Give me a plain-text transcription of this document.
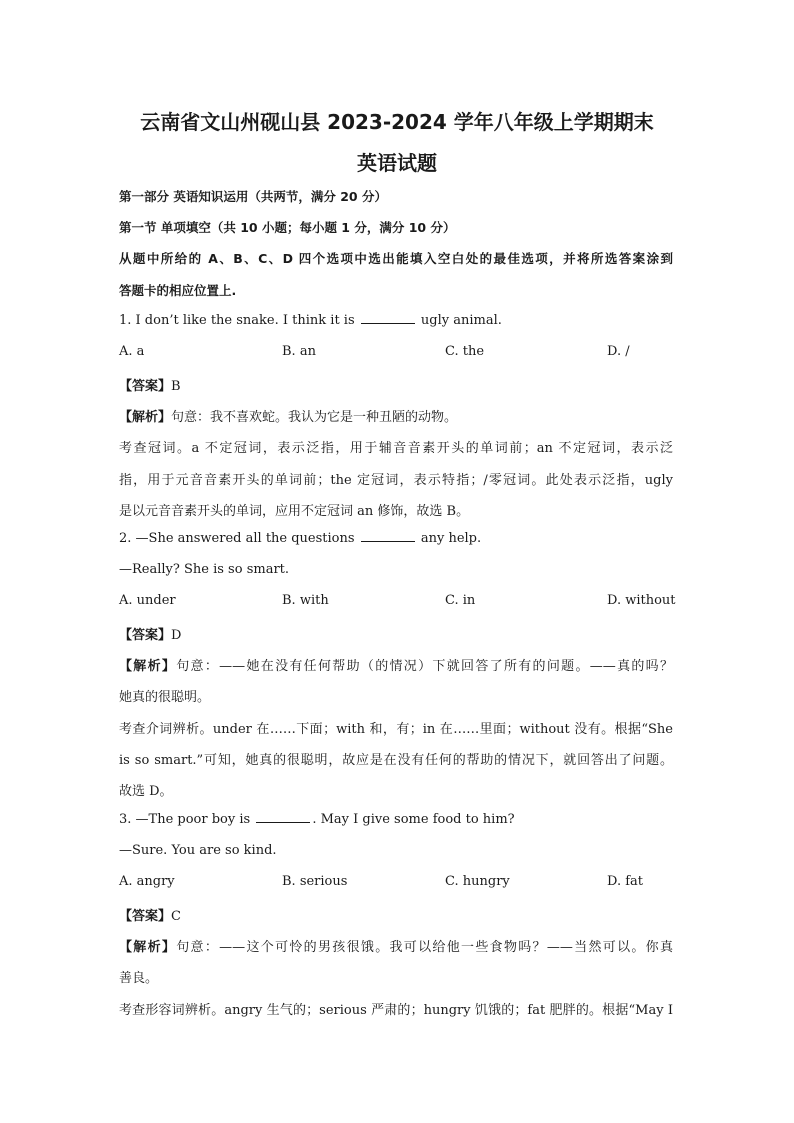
云南省文山州砚山县 2023-2024 学年八年级上学期期末
英语试题
第一部分 英语知识运用（共两节，满分 20 分）
第一节 单项填空（共 10 小题；每小题 1 分，满分 10 分）
从题中所给的 A、B、C、D 四个选项中选出能填入空白处的最佳选项，并将所选答案涂到
答题卡的相应位置上.
1. I don’t like the snake. I think it is	ugly animal.
A. a	B. an	C. the	D. /
【答案】B
【解析】句意：我不喜欢蛇。我认为它是一种丑陋的动物。
考查冠词。a 不定冠词，表示泛指，用于辅音音素开头的单词前；an 不定冠词，表示泛
指，用于元音音素开头的单词前；the 定冠词，表示特指；/零冠词。此处表示泛指，ugly
是以元音音素开头的单词，应用不定冠词 an 修饰，故选 B。
2. —She answered all the questions	any help.
—Really? She is so smart.
A. under	B. with	C. in	D. without
【答案】D
【解析】句意：——她在没有任何帮助（的情况）下就回答了所有的问题。——真的吗？
她真的很聪明。
考查介词辨析。under 在……下面；with 和，有；in 在……里面；without 没有。根据“She
is so smart.”可知，她真的很聪明，故应是在没有任何的帮助的情况下，就回答出了问题。
故选 D。
3. —The poor boy is	. May I give some food to him?
—Sure. You are so kind.
A. angry	B. serious	C. hungry	D. fat
【答案】C
【解析】句意：——这个可怜的男孩很饿。我可以给他一些食物吗？——当然可以。你真
善良。
考查形容词辨析。angry 生气的；serious 严肃的；hungry 饥饿的；fat 肥胖的。根据“May I
